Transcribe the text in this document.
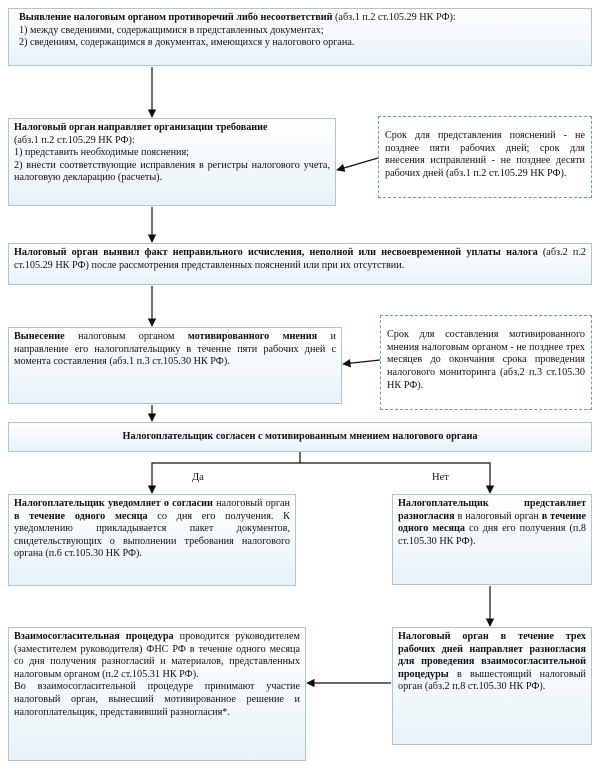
Выявление налоговым органом противоречий либо несоответствий (абз.1 п.2 ст.105.29 НК РФ):

1) между сведениями, содержащимися в представленных документах;

2) сведениям, содержащимся в документах, имеющихся у налогового органа.

Налоговый орган направляет организации требование

(абз.1 п.2 ст.105.29 НК РФ):

1) представить необходимые пояснения;

2) внести соответствующие исправления в регистры налогового учета, налоговую декларацию (расчеты).

Срок для представления пояснений - не позднее пяти рабочих дней; срок для внесения исправлений - не позднее десяти рабочих дней (абз.1 п.2 ст.105.29 НК РФ).

Налоговый орган выявил факт неправильного исчисления, неполной или несвоевременной уплаты налога (абз.2 п.2 ст.105.29 НК РФ) после рассмотрения представленных пояснений или при их отсутствии.

Вынесение налоговым органом мотивированного мнения и направление его налогоплательщику в течение пяти рабочих дней с момента составления (абз.1 п.3 ст.105.30 НК РФ).

Срок для составления мотивированного мнения налоговым органом - не позднее трех месяцев до окончания срока проведения налогового мониторинга (абз.2 п.3 ст.105.30 НК РФ).

Налогоплательщик согласен с мотивированным мнением налогового органа
Да	Нет

Налогоплательщик уведомляет о согласии налоговый орган в течение одного месяца со дня его получения. К уведомлению прикладывается пакет документов, свидетельствующих о выполнении требования налогового органа (п.6 ст.105.30 НК РФ).

Налогоплательщик представляет разногласия в налоговый орган в течение одного месяца со дня его получения (п.8 ст.105.30 НК РФ).

Взаимосогласительная процедура проводится руководителем (заместителем руководителя) ФНС РФ в течение одного месяца со дня получения разногласий и материалов, представленных налоговым органом (п.2 ст.105.31 НК РФ).

Во взаимосогласительной процедуре принимают участие налоговый орган, вынесший мотивированное решение и налогоплательщик, представивший разногласия*.

Налоговый орган в течение трех рабочих дней направляет разногласия для проведения взаимосогласительной процедуры в вышестоящий налоговый орган (абз.2 п.8 ст.105.30 НК РФ).
